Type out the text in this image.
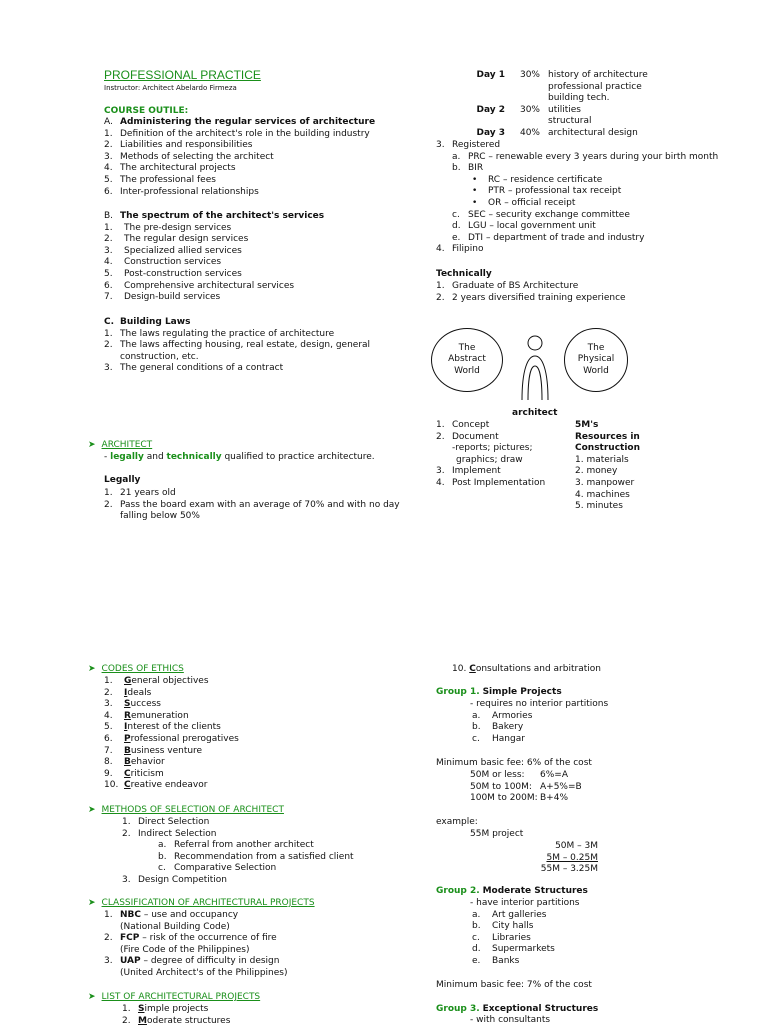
PROFESSIONAL PRACTICE
Instructor: Architect Abelardo Firmeza
COURSE OUTILE:
A. Administering the regular services of architecture
1. Definition of the architect's role in the building industry
2. Liabilities and responsibilities
3. Methods of selecting the architect
4. The architectural projects
5. The professional fees
6. Inter-professional relationships
B. The spectrum of the architect's services
1.	The pre-design services
2.	The regular design services
3.	Specialized allied services
4.	Construction services
5.	Post-construction services
6.	Comprehensive architectural services
7.	Design-build services
C. Building Laws
1. The laws regulating the practice of architecture
2. The laws affecting housing, real estate, design, general
construction, etc.
3. The general conditions of a contract
➤ ARCHITECT
- legally and technically qualified to practice architecture.
Legally
1. 21 years old
2. Pass the board exam with an average of 70% and with no day
falling below 50%
Day 1	30% history of architecture
professional practice
building tech.
Day 2	30% utilities
structural
Day 3	40% architectural design
3. Registered
a. PRC – renewable every 3 years during your birth month
b. BIR
•	RC – residence certificate
•	PTR – professional tax receipt
•	OR – official receipt
c. SEC – security exchange committee
d. LGU – local government unit
e. DTI – department of trade and industry
4. Filipino
Technically
1. Graduate of BS Architecture
2. 2 years diversified training experience
The
Abstract
World
The
Physical
World
architect
1. Concept
2. Document
-reports; pictures;
graphics; draw
3. Implement
4. Post Implementation
5M's
Resources in
Construction
1. materials
2. money
3. manpower
4. machines
5. minutes
➤ CODES OF ETHICS
1.	General objectives
2.	Ideals
3.	Success
4.	Remuneration
5.	Interest of the clients
6.	Professional prerogatives
7.	Business venture
8.	Behavior
9.	Criticism
10. Creative endeavor
➤ METHODS OF SELECTION OF ARCHITECT
1. Direct Selection
2. Indirect Selection
a. Referral from another architect
b. Recommendation from a satisfied client
c. Comparative Selection
3. Design Competition
➤ CLASSIFICATION OF ARCHITECTURAL PROJECTS
1. NBC – use and occupancy
(National Building Code)
2. FCP – risk of the occurrence of fire
(Fire Code of the Philippines)
3. UAP – degree of difficulty in design
(United Architect's of the Philippines)
➤ LIST OF ARCHITECTURAL PROJECTS
1. Simple projects
2. Moderate structures
10. Consultations and arbitration
Group 1. Simple Projects
- requires no interior partitions
a.	Armories
b.	Bakery
c.	Hangar
Minimum basic fee: 6% of the cost
50M or less:	6%=A
50M to 100M: A+5%=B
100M to 200M: B+4%
example:
55M project
50M – 3M
5M – 0.25M
55M – 3.25M
Group 2. Moderate Structures
- have interior partitions
a.	Art galleries
b.	City halls
c.	Libraries
d.	Supermarkets
e.	Banks
Minimum basic fee: 7% of the cost
Group 3. Exceptional Structures
- with consultants
